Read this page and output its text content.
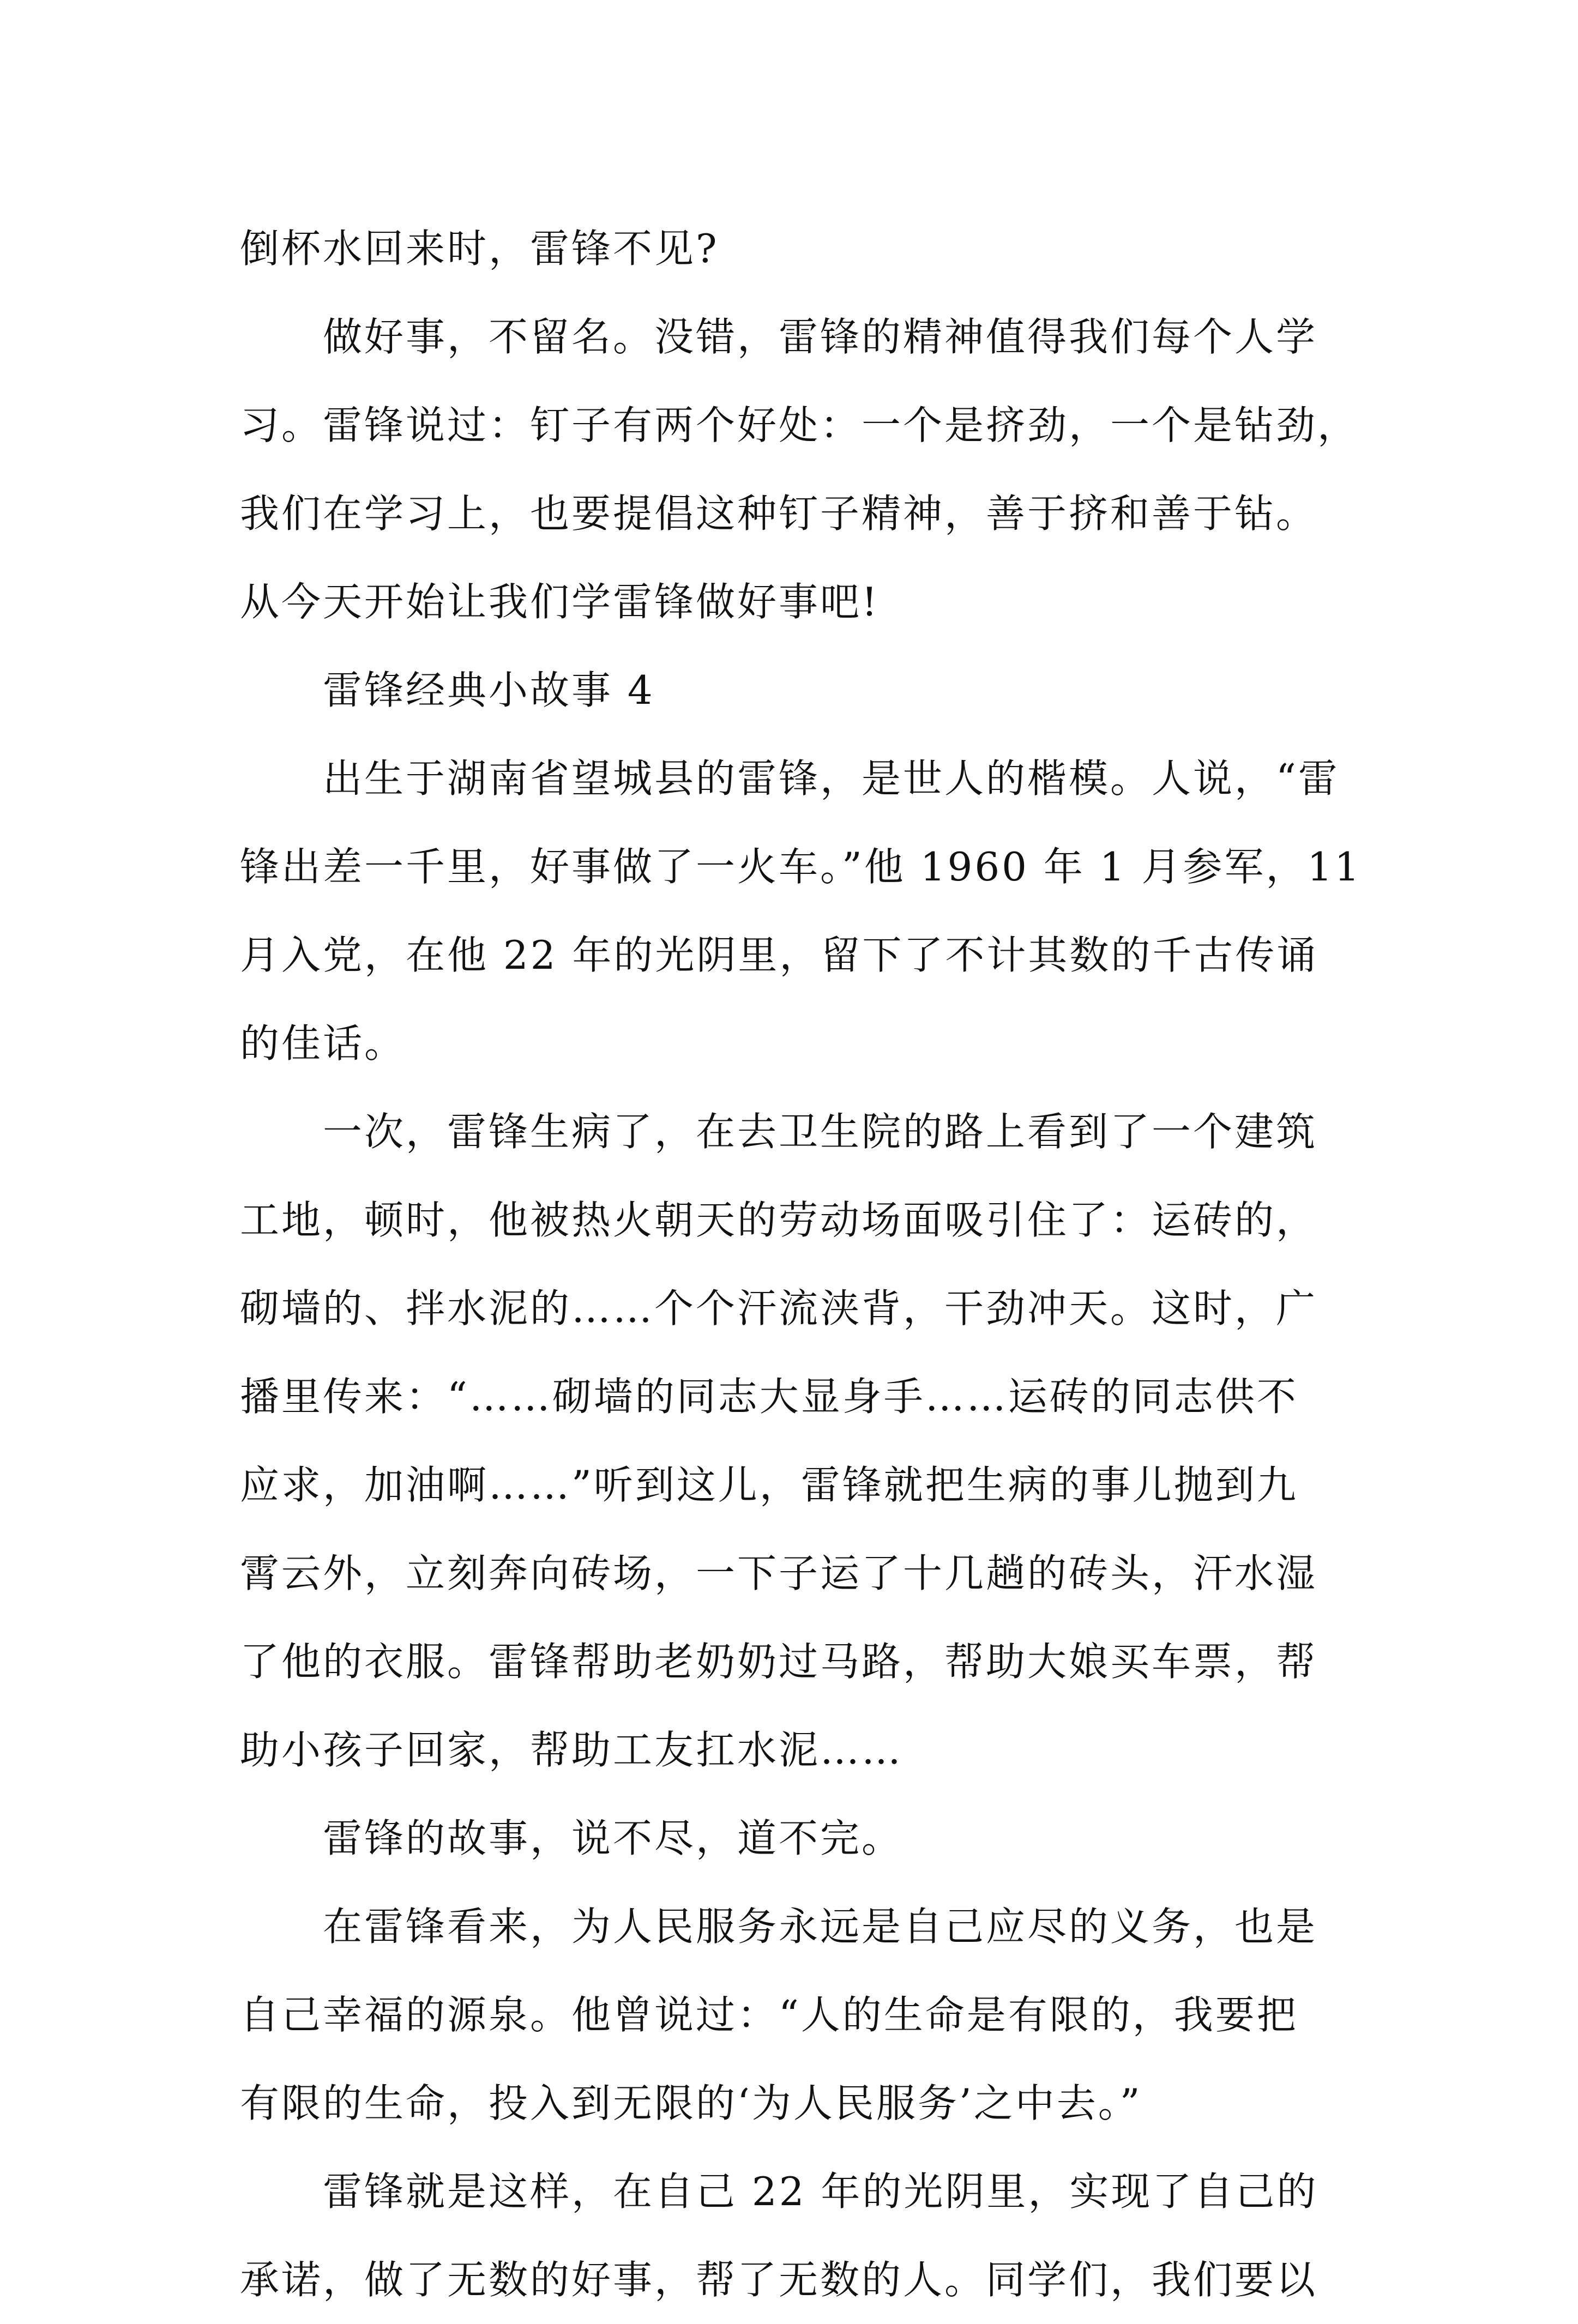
倒杯水回来时，雷锋不见?
做好事，不留名。没错，雷锋的精神值得我们每个人学
习。雷锋说过：钉子有两个好处：一个是挤劲，一个是钻劲，
我们在学习上，也要提倡这种钉子精神，善于挤和善于钻。
从今天开始让我们学雷锋做好事吧!
雷锋经典小故事 4
出生于湖南省望城县的雷锋，是世人的楷模。人说，“雷
锋出差一千里，好事做了一火车。”他 1960 年 1 月参军，11
月入党，在他 22 年的光阴里，留下了不计其数的千古传诵
的佳话。
一次，雷锋生病了，在去卫生院的路上看到了一个建筑
工地，顿时，他被热火朝天的劳动场面吸引住了：运砖的，
砌墙的、拌水泥的……个个汗流浃背，干劲冲天。这时，广
播里传来：“……砌墙的同志大显身手……运砖的同志供不
应求，加油啊……”听到这儿，雷锋就把生病的事儿抛到九
霄云外，立刻奔向砖场，一下子运了十几趟的砖头，汗水湿
了他的衣服。雷锋帮助老奶奶过马路，帮助大娘买车票，帮
助小孩子回家，帮助工友扛水泥……
雷锋的故事，说不尽，道不完。
在雷锋看来，为人民服务永远是自己应尽的义务，也是
自己幸福的源泉。他曾说过：“人的生命是有限的，我要把
有限的生命，投入到无限的‘为人民服务’之中去。”
雷锋就是这样，在自己 22 年的光阴里，实现了自己的
承诺，做了无数的好事，帮了无数的人。同学们，我们要以
